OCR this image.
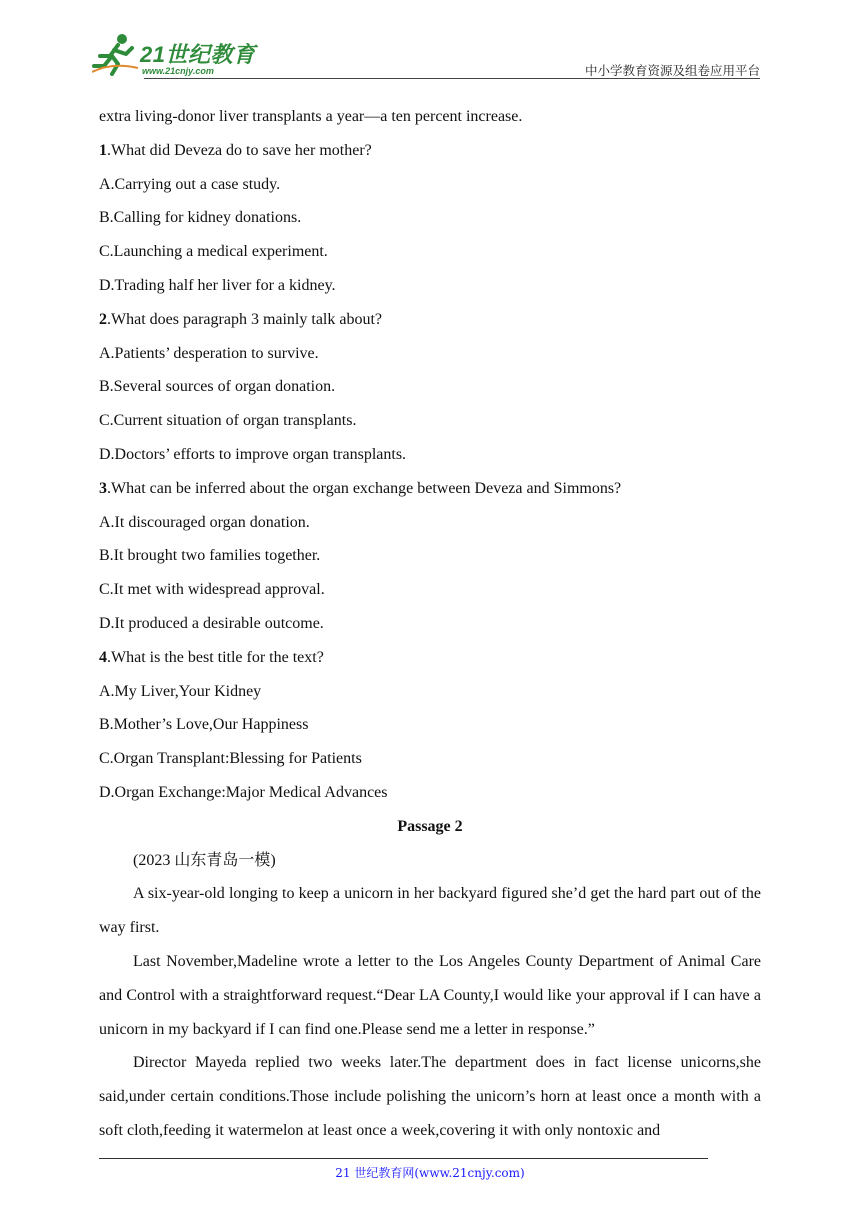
21世纪教育
www.21cnjy.com	中小学教育资源及组卷应用平台
extra living-donor liver transplants a year—a ten percent increase.
1.What did Deveza do to save her mother?
A.Carrying out a case study.
B.Calling for kidney donations.
C.Launching a medical experiment.
D.Trading half her liver for a kidney.
2.What does paragraph 3 mainly talk about?
A.Patients’ desperation to survive.
B.Several sources of organ donation.
C.Current situation of organ transplants.
D.Doctors’ efforts to improve organ transplants.
3.What can be inferred about the organ exchange between Deveza and Simmons?
A.It discouraged organ donation.
B.It brought two families together.
C.It met with widespread approval.
D.It produced a desirable outcome.
4.What is the best title for the text?
A.My Liver,Your Kidney
B.Mother’s Love,Our Happiness
C.Organ Transplant:Blessing for Patients
D.Organ Exchange:Major Medical Advances
Passage 2
(2023 山东青岛一模)
A six-year-old longing to keep a unicorn in her backyard figured she’d get the hard part out of the way first.
Last November,Madeline wrote a letter to the Los Angeles County Department of Animal Care and Control with a straightforward request.“Dear LA County,I would like your approval if I can have a unicorn in my backyard if I can find one.Please send me a letter in response.”
Director Mayeda replied two weeks later.The department does in fact license unicorns,she said,under certain conditions.Those include polishing the unicorn’s horn at least once a month with a soft cloth,feeding it watermelon at least once a week,covering it with only nontoxic and
21 世纪教育网(www.21cnjy.com)
